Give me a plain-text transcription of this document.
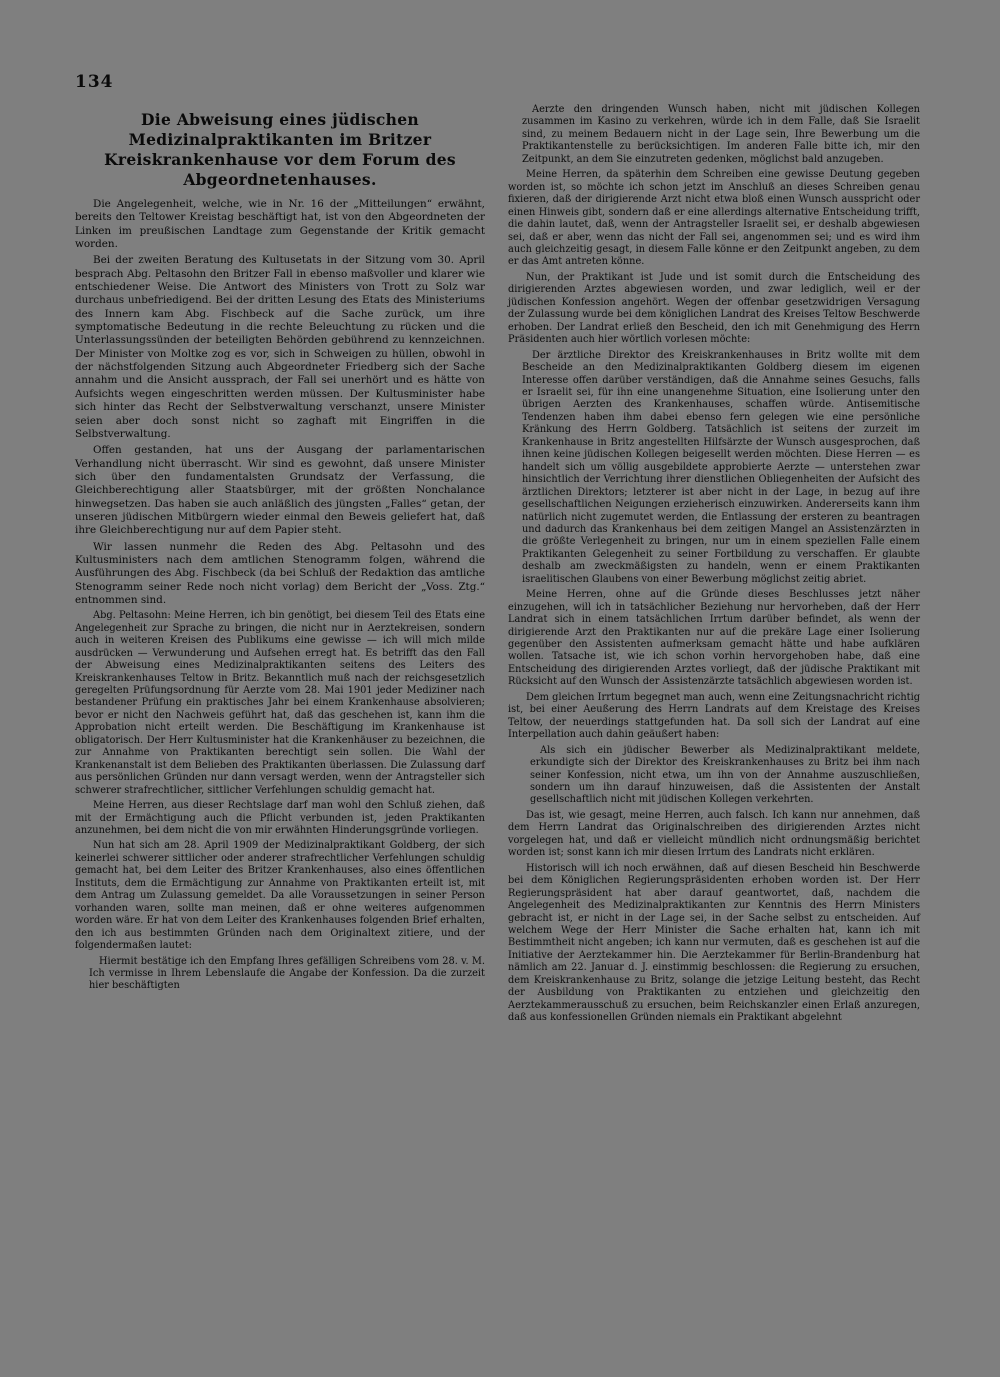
134
Die Abweisung eines jüdischen Medizinalpraktikanten im Britzer Kreiskrankenhause vor dem Forum des Abgeordnetenhauses.

Die Angelegenheit, welche, wie in Nr. 16 der „Mitteilungen“ erwähnt, bereits den Teltower Kreistag beschäftigt hat, ist von den Abgeordneten der Linken im preußischen Landtage zum Gegenstande der Kritik gemacht worden.

Bei der zweiten Beratung des Kultusetats in der Sitzung vom 30. April besprach Abg. Peltasohn den Britzer Fall in ebenso maßvoller und klarer wie entschiedener Weise. Die Antwort des Ministers von Trott zu Solz war durchaus unbefriedigend. Bei der dritten Lesung des Etats des Ministeriums des Innern kam Abg. Fischbeck auf die Sache zurück, um ihre symptomatische Bedeutung in die rechte Beleuchtung zu rücken und die Unterlassungssünden der beteiligten Behörden gebührend zu kennzeichnen. Der Minister von Moltke zog es vor, sich in Schweigen zu hüllen, obwohl in der nächstfolgenden Sitzung auch Abgeordneter Friedberg sich der Sache annahm und die Ansicht aussprach, der Fall sei unerhört und es hätte von Aufsichts wegen eingeschritten werden müssen. Der Kultusminister habe sich hinter das Recht der Selbstverwaltung verschanzt, unsere Minister seien aber doch sonst nicht so zaghaft mit Eingriffen in die Selbstverwaltung.

Offen gestanden, hat uns der Ausgang der parlamentarischen Verhandlung nicht überrascht. Wir sind es gewohnt, daß unsere Minister sich über den fundamentalsten Grundsatz der Verfassung, die Gleichberechtigung aller Staatsbürger, mit der größten Nonchalance hinwegsetzen. Das haben sie auch anläßlich des jüngsten „Falles“ getan, der unseren jüdischen Mitbürgern wieder einmal den Beweis geliefert hat, daß ihre Gleichberechtigung nur auf dem Papier steht.

Wir lassen nunmehr die Reden des Abg. Peltasohn und des Kultusministers nach dem amtlichen Stenogramm folgen, während die Ausführungen des Abg. Fischbeck (da bei Schluß der Redaktion das amtliche Stenogramm seiner Rede noch nicht vorlag) dem Bericht der „Voss. Ztg.“ entnommen sind.

Abg. Peltasohn: Meine Herren, ich bin genötigt, bei diesem Teil des Etats eine Angelegenheit zur Sprache zu bringen, die nicht nur in Aerztekreisen, sondern auch in weiteren Kreisen des Publikums eine gewisse — ich will mich milde ausdrücken — Verwunderung und Aufsehen erregt hat. Es betrifft das den Fall der Abweisung eines Medizinalpraktikanten seitens des Leiters des Kreiskrankenhauses Teltow in Britz. Bekanntlich muß nach der reichsgesetzlich geregelten Prüfungsordnung für Aerzte vom 28. Mai 1901 jeder Mediziner nach bestandener Prüfung ein praktisches Jahr bei einem Krankenhause absolvieren; bevor er nicht den Nachweis geführt hat, daß das geschehen ist, kann ihm die Approbation nicht erteilt werden. Die Beschäftigung im Krankenhause ist obligatorisch. Der Herr Kultusminister hat die Krankenhäuser zu bezeichnen, die zur Annahme von Praktikanten berechtigt sein sollen. Die Wahl der Krankenanstalt ist dem Belieben des Praktikanten überlassen. Die Zulassung darf aus persönlichen Gründen nur dann versagt werden, wenn der Antragsteller sich schwerer strafrechtlicher, sittlicher Verfehlungen schuldig gemacht hat.

Meine Herren, aus dieser Rechtslage darf man wohl den Schluß ziehen, daß mit der Ermächtigung auch die Pflicht verbunden ist, jeden Praktikanten anzunehmen, bei dem nicht die von mir erwähnten Hinderungsgründe vorliegen.

Nun hat sich am 28. April 1909 der Medizinalpraktikant Goldberg, der sich keinerlei schwerer sittlicher oder anderer strafrechtlicher Verfehlungen schuldig gemacht hat, bei dem Leiter des Britzer Krankenhauses, also eines öffentlichen Instituts, dem die Ermächtigung zur Annahme von Praktikanten erteilt ist, mit dem Antrag um Zulassung gemeldet. Da alle Voraussetzungen in seiner Person vorhanden waren, sollte man meinen, daß er ohne weiteres aufgenommen worden wäre. Er hat von dem Leiter des Krankenhauses folgenden Brief erhalten, den ich aus bestimmten Gründen nach dem Originaltext zitiere, und der folgendermaßen lautet:

Hiermit bestätige ich den Empfang Ihres gefälligen Schreibens vom 28. v. M. Ich vermisse in Ihrem Lebenslaufe die Angabe der Konfession. Da die zurzeit hier beschäftigten

Aerzte den dringenden Wunsch haben, nicht mit jüdischen Kollegen zusammen im Kasino zu verkehren, würde ich in dem Falle, daß Sie Israelit sind, zu meinem Bedauern nicht in der Lage sein, Ihre Bewerbung um die Praktikantenstelle zu berücksichtigen. Im anderen Falle bitte ich, mir den Zeitpunkt, an dem Sie einzutreten gedenken, möglichst bald anzugeben.

Meine Herren, da späterhin dem Schreiben eine gewisse Deutung gegeben worden ist, so möchte ich schon jetzt im Anschluß an dieses Schreiben genau fixieren, daß der dirigierende Arzt nicht etwa bloß einen Wunsch ausspricht oder einen Hinweis gibt, sondern daß er eine allerdings alternative Entscheidung trifft, die dahin lautet, daß, wenn der Antragsteller Israelit sei, er deshalb abgewiesen sei, daß er aber, wenn das nicht der Fall sei, angenommen sei; und es wird ihm auch gleichzeitig gesagt, in diesem Falle könne er den Zeitpunkt angeben, zu dem er das Amt antreten könne.

Nun, der Praktikant ist Jude und ist somit durch die Entscheidung des dirigierenden Arztes abgewiesen worden, und zwar lediglich, weil er der jüdischen Konfession angehört. Wegen der offenbar gesetzwidrigen Versagung der Zulassung wurde bei dem königlichen Landrat des Kreises Teltow Beschwerde erhoben. Der Landrat erließ den Bescheid, den ich mit Genehmigung des Herrn Präsidenten auch hier wörtlich vorlesen möchte:

Der ärztliche Direktor des Kreiskrankenhauses in Britz wollte mit dem Bescheide an den Medizinalpraktikanten Goldberg diesem im eigenen Interesse offen darüber verständigen, daß die Annahme seines Gesuchs, falls er Israelit sei, für ihn eine unangenehme Situation, eine Isolierung unter den übrigen Aerzten des Krankenhauses, schaffen würde. Antisemitische Tendenzen haben ihm dabei ebenso fern gelegen wie eine persönliche Kränkung des Herrn Goldberg. Tatsächlich ist seitens der zurzeit im Krankenhause in Britz angestellten Hilfsärzte der Wunsch ausgesprochen, daß ihnen keine jüdischen Kollegen beigesellt werden möchten. Diese Herren — es handelt sich um völlig ausgebildete approbierte Aerzte — unterstehen zwar hinsichtlich der Verrichtung ihrer dienstlichen Obliegenheiten der Aufsicht des ärztlichen Direktors; letzterer ist aber nicht in der Lage, in bezug auf ihre gesellschaftlichen Neigungen erzieherisch einzuwirken. Andererseits kann ihm natürlich nicht zugemutet werden, die Entlassung der ersteren zu beantragen und dadurch das Krankenhaus bei dem zeitigen Mangel an Assistenzärzten in die größte Verlegenheit zu bringen, nur um in einem speziellen Falle einem Praktikanten Gelegenheit zu seiner Fortbildung zu verschaffen. Er glaubte deshalb am zweckmäßigsten zu handeln, wenn er einem Praktikanten israelitischen Glaubens von einer Bewerbung möglichst zeitig abriet.

Meine Herren, ohne auf die Gründe dieses Beschlusses jetzt näher einzugehen, will ich in tatsächlicher Beziehung nur hervorheben, daß der Herr Landrat sich in einem tatsächlichen Irrtum darüber befindet, als wenn der dirigierende Arzt den Praktikanten nur auf die prekäre Lage einer Isolierung gegenüber den Assistenten aufmerksam gemacht hätte und habe aufklären wollen. Tatsache ist, wie ich schon vorhin hervorgehoben habe, daß eine Entscheidung des dirigierenden Arztes vorliegt, daß der jüdische Praktikant mit Rücksicht auf den Wunsch der Assistenzärzte tatsächlich abgewiesen worden ist.

Dem gleichen Irrtum begegnet man auch, wenn eine Zeitungsnachricht richtig ist, bei einer Aeußerung des Herrn Landrats auf dem Kreistage des Kreises Teltow, der neuerdings stattgefunden hat. Da soll sich der Landrat auf eine Interpellation auch dahin geäußert haben:

Als sich ein jüdischer Bewerber als Medizinalpraktikant meldete, erkundigte sich der Direktor des Kreiskrankenhauses zu Britz bei ihm nach seiner Konfession, nicht etwa, um ihn von der Annahme auszuschließen, sondern um ihn darauf hinzuweisen, daß die Assistenten der Anstalt gesellschaftlich nicht mit jüdischen Kollegen verkehrten.

Das ist, wie gesagt, meine Herren, auch falsch. Ich kann nur annehmen, daß dem Herrn Landrat das Originalschreiben des dirigierenden Arztes nicht vorgelegen hat, und daß er vielleicht mündlich nicht ordnungsmäßig berichtet worden ist; sonst kann ich mir diesen Irrtum des Landrats nicht erklären.

Historisch will ich noch erwähnen, daß auf diesen Bescheid hin Beschwerde bei dem Königlichen Regierungspräsidenten erhoben worden ist. Der Herr Regierungspräsident hat aber darauf geantwortet, daß, nachdem die Angelegenheit des Medizinalpraktikanten zur Kenntnis des Herrn Ministers gebracht ist, er nicht in der Lage sei, in der Sache selbst zu entscheiden. Auf welchem Wege der Herr Minister die Sache erhalten hat, kann ich mit Bestimmtheit nicht angeben; ich kann nur vermuten, daß es geschehen ist auf die Initiative der Aerztekammer hin. Die Aerztekammer für Berlin-Brandenburg hat nämlich am 22. Januar d. J. einstimmig beschlossen: die Regierung zu ersuchen, dem Kreiskrankenhause zu Britz, solange die jetzige Leitung besteht, das Recht der Ausbildung von Praktikanten zu entziehen und gleichzeitig den Aerztekammerausschuß zu ersuchen, beim Reichskanzler einen Erlaß anzuregen, daß aus konfessionellen Gründen niemals ein Praktikant abgelehnt
